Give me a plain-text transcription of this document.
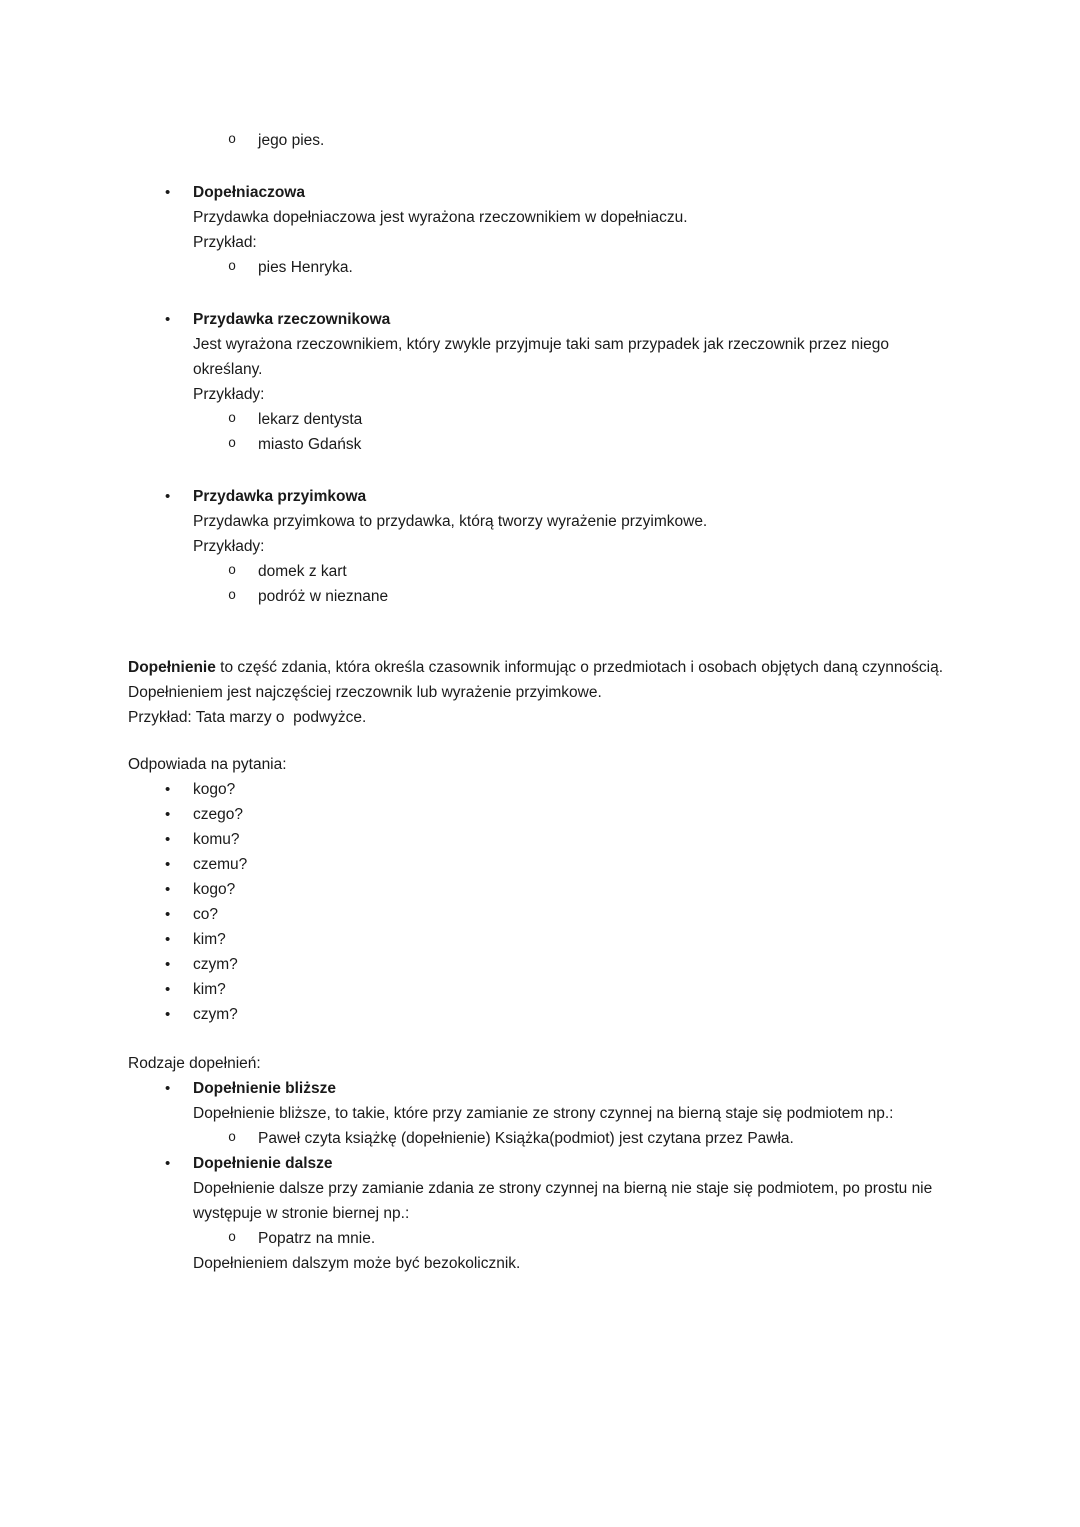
o	jego pies.
•	Dopełniaczowa
Przydawka dopełniaczowa jest wyrażona rzeczownikiem w dopełniaczu.
Przykład:
o	pies Henryka.
•	Przydawka rzeczownikowa
Jest wyrażona rzeczownikiem, który zwykle przyjmuje taki sam przypadek jak rzeczownik przez niego określany.
Przykłady:
o	lekarz dentysta
o	miasto Gdańsk
•	Przydawka przyimkowa
Przydawka przyimkowa to przydawka, którą tworzy wyrażenie przyimkowe.
Przykłady:
o	domek z kart
o	podróż w nieznane

Dopełnienie to część zdania, która określa czasownik informując o przedmiotach i osobach objętych daną czynnością. Dopełnieniem jest najczęściej rzeczownik lub wyrażenie przyimkowe.

Przykład: Tata marzy o  podwyżce.
Odpowiada na pytania:
•	kogo?
•	czego?
•	komu?
•	czemu?
•	kogo?
•	co?
•	kim?
•	czym?
•	kim?
•	czym?
Rodzaje dopełnień:
•	Dopełnienie bliższe
Dopełnienie bliższe, to takie, które przy zamianie ze strony czynnej na bierną staje się podmiotem np.:
o	Paweł czyta książkę (dopełnienie) Książka(podmiot) jest czytana przez Pawła.
•	Dopełnienie dalsze
Dopełnienie dalsze przy zamianie zdania ze strony czynnej na bierną nie staje się podmiotem, po prostu nie występuje w stronie biernej np.:
o	Popatrz na mnie.
Dopełnieniem dalszym może być bezokolicznik.
